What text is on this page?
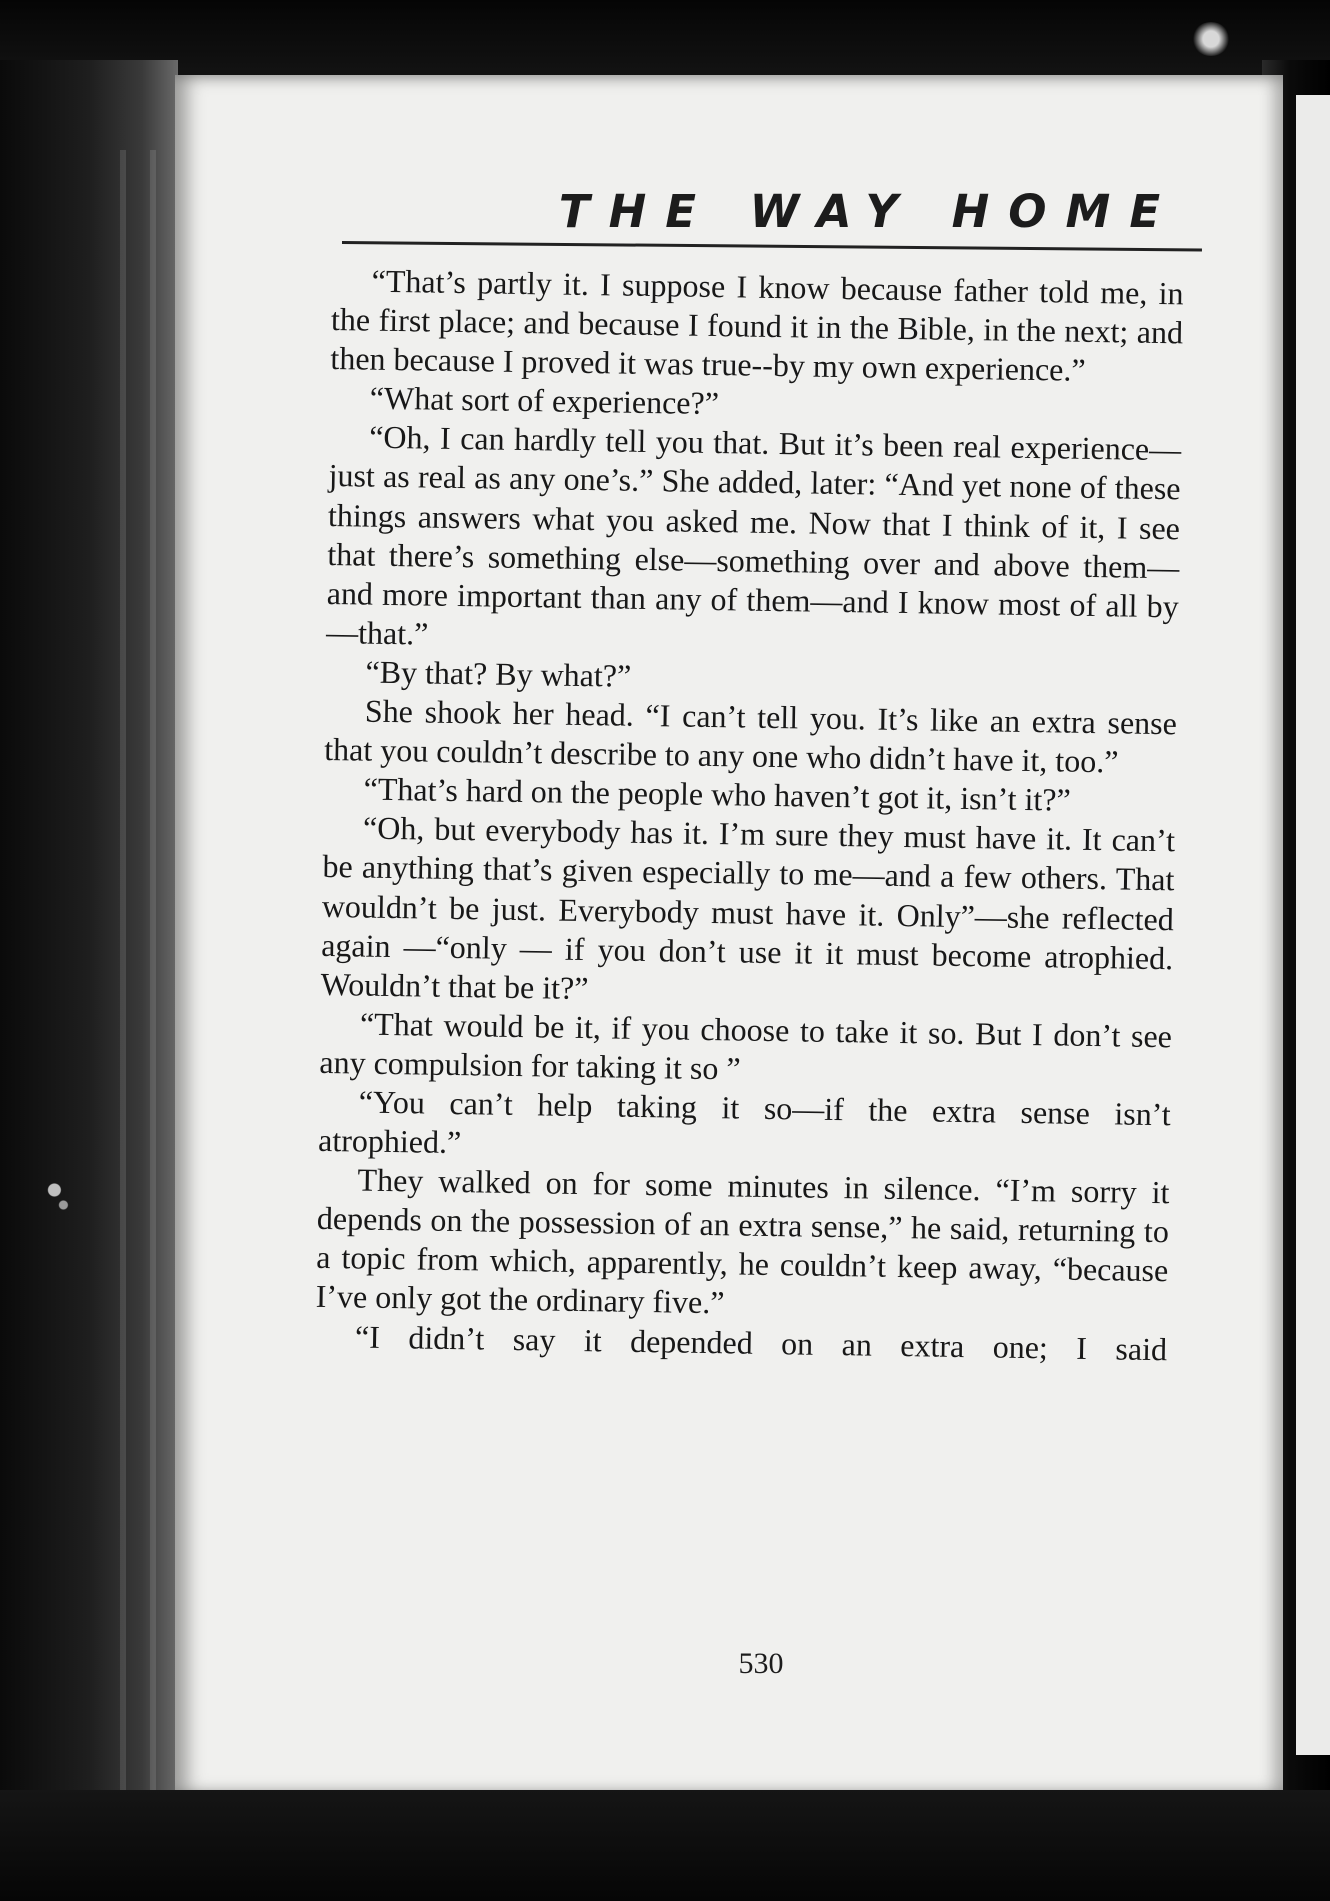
THE WAY HOME

“That’s partly it. I suppose I know because father told me, in the first place; and because I found it in the Bible, in the next; and then because I proved it was true--by my own experience.”

“What sort of experience?”

“Oh, I can hardly tell you that. But it’s been real experience—just as real as any one’s.” She added, later: “And yet none of these things answers what you asked me. Now that I think of it, I see that there’s something else—something over and above them—and more important than any of them—and I know most of all by—that.”

“By that? By what?”

She shook her head. “I can’t tell you. It’s like an extra sense that you couldn’t describe to any one who didn’t have it, too.”

“That’s hard on the people who haven’t got it, isn’t it?”

“Oh, but everybody has it. I’m sure they must have it. It can’t be anything that’s given especially to me—and a few others. That wouldn’t be just. Everybody must have it. Only”—she reflected again —“only — if you don’t use it it must become atrophied. Wouldn’t that be it?”

“That would be it, if you choose to take it so. But I don’t see any compulsion for taking it so ”

“You can’t help taking it so—if the extra sense isn’t atrophied.”

They walked on for some minutes in silence. “I’m sorry it depends on the possession of an extra sense,” he said, returning to a topic from which, apparently, he couldn’t keep away, “because I’ve only got the ordinary five.”

“I didn’t say it depended on an extra one; I said

530
